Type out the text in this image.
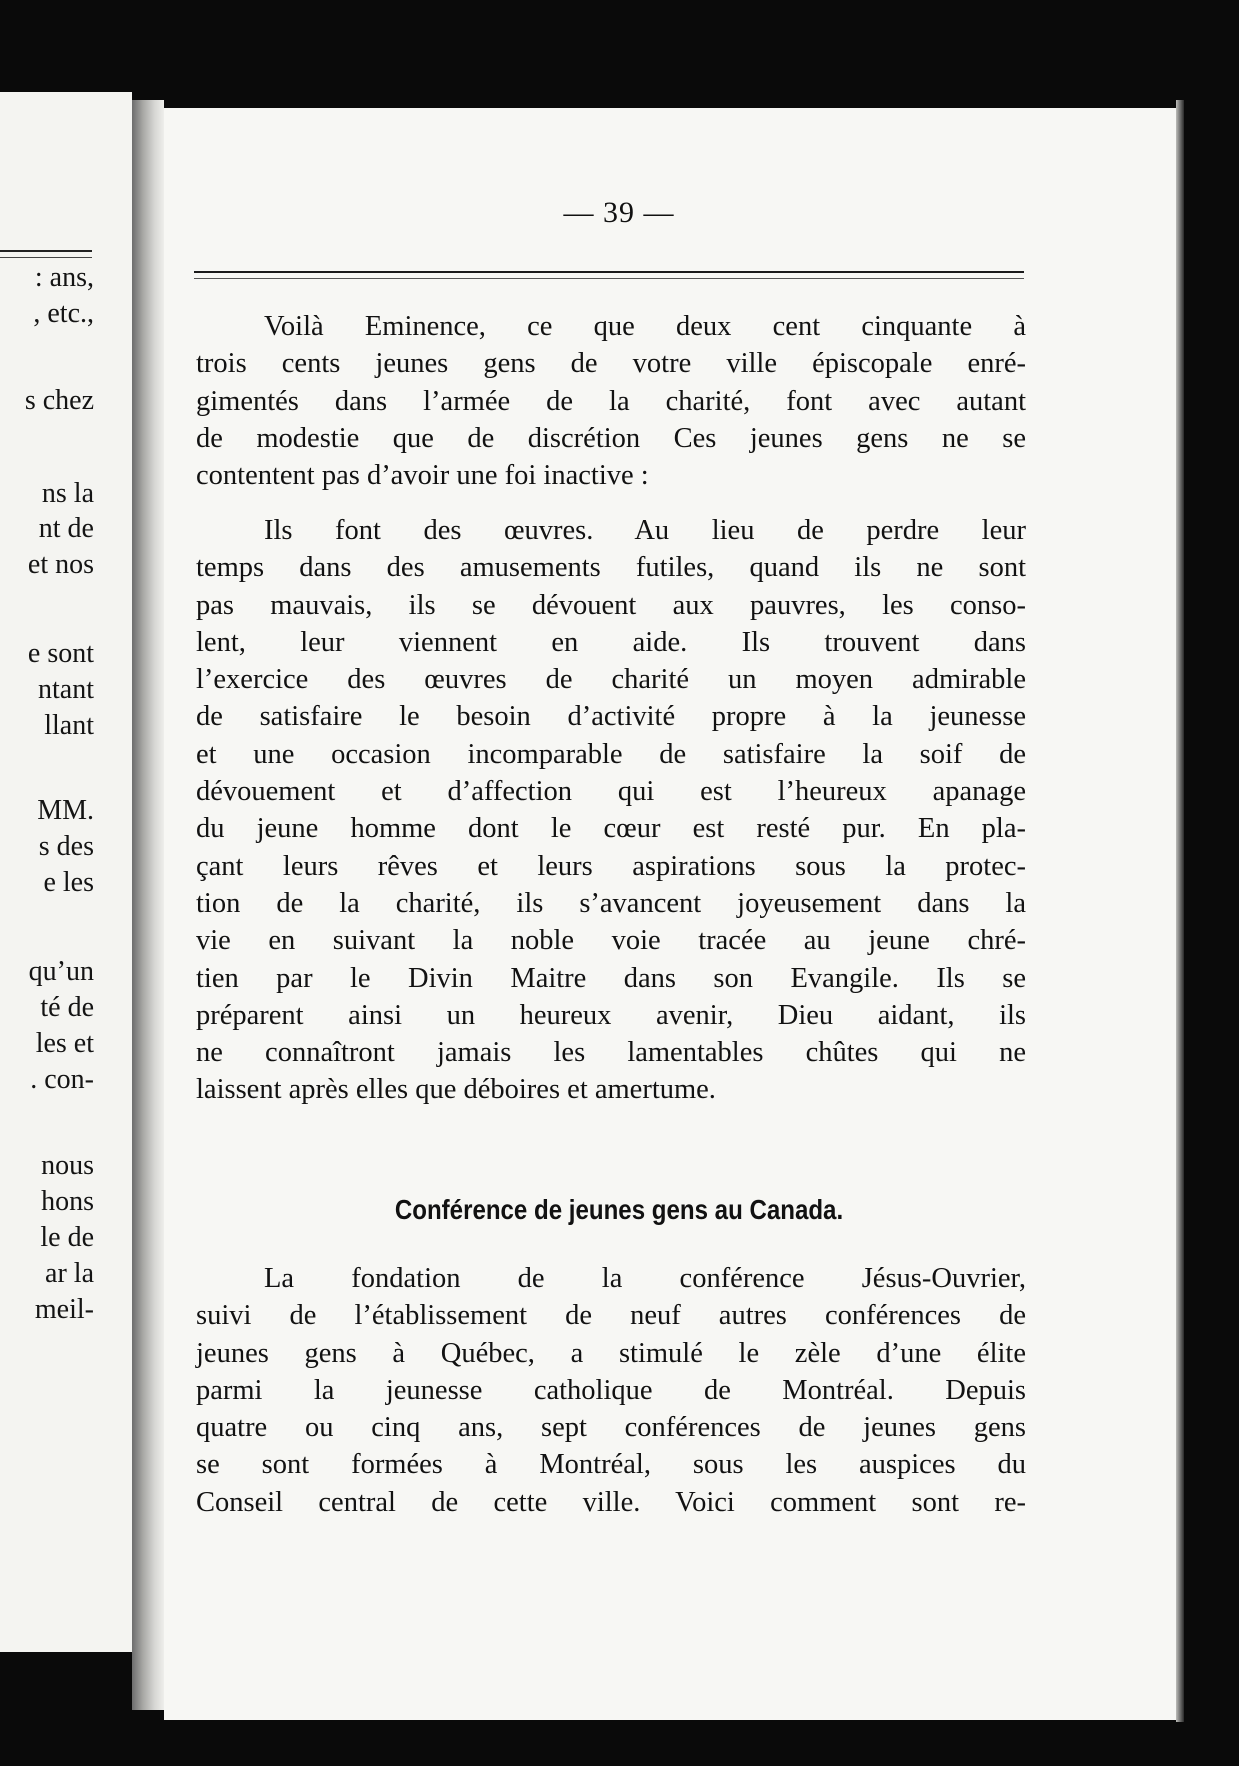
: ans,
, etc.,
s chez
ns la
nt de
et nos
e sont
ntant
llant
MM.
s des
e les
qu’un
té de
les et
. con-
nous
hons
le de
ar la
meil-
— 39 —
Voilà Eminence, ce que deux cent cinquante à
trois cents jeunes gens de votre ville épiscopale enré-
gimentés dans l’armée de la charité, font avec autant
de modestie que de discrétion Ces jeunes gens ne se
contentent pas d’avoir une foi inactive :
Ils font des œuvres. Au lieu de perdre leur
temps dans des amusements futiles, quand ils ne sont
pas mauvais, ils se dévouent aux pauvres, les conso-
lent, leur viennent en aide. Ils trouvent dans
l’exercice des œuvres de charité un moyen admirable
de satisfaire le besoin d’activité propre à la jeunesse
et une occasion incomparable de satisfaire la soif de
dévouement et d’affection qui est l’heureux apanage
du jeune homme dont le cœur est resté pur. En pla-
çant leurs rêves et leurs aspirations sous la protec-
tion de la charité, ils s’avancent joyeusement dans la
vie en suivant la noble voie tracée au jeune chré-
tien par le Divin Maitre dans son Evangile. Ils se
préparent ainsi un heureux avenir, Dieu aidant, ils
ne connaîtront jamais les lamentables chûtes qui ne
laissent après elles que déboires et amertume.
Conférence de jeunes gens au Canada.
La fondation de la conférence Jésus-Ouvrier,
suivi de l’établissement de neuf autres conférences de
jeunes gens à Québec, a stimulé le zèle d’une élite
parmi la jeunesse catholique de Montréal. Depuis
quatre ou cinq ans, sept conférences de jeunes gens
se sont formées à Montréal, sous les auspices du
Conseil central de cette ville. Voici comment sont re-
